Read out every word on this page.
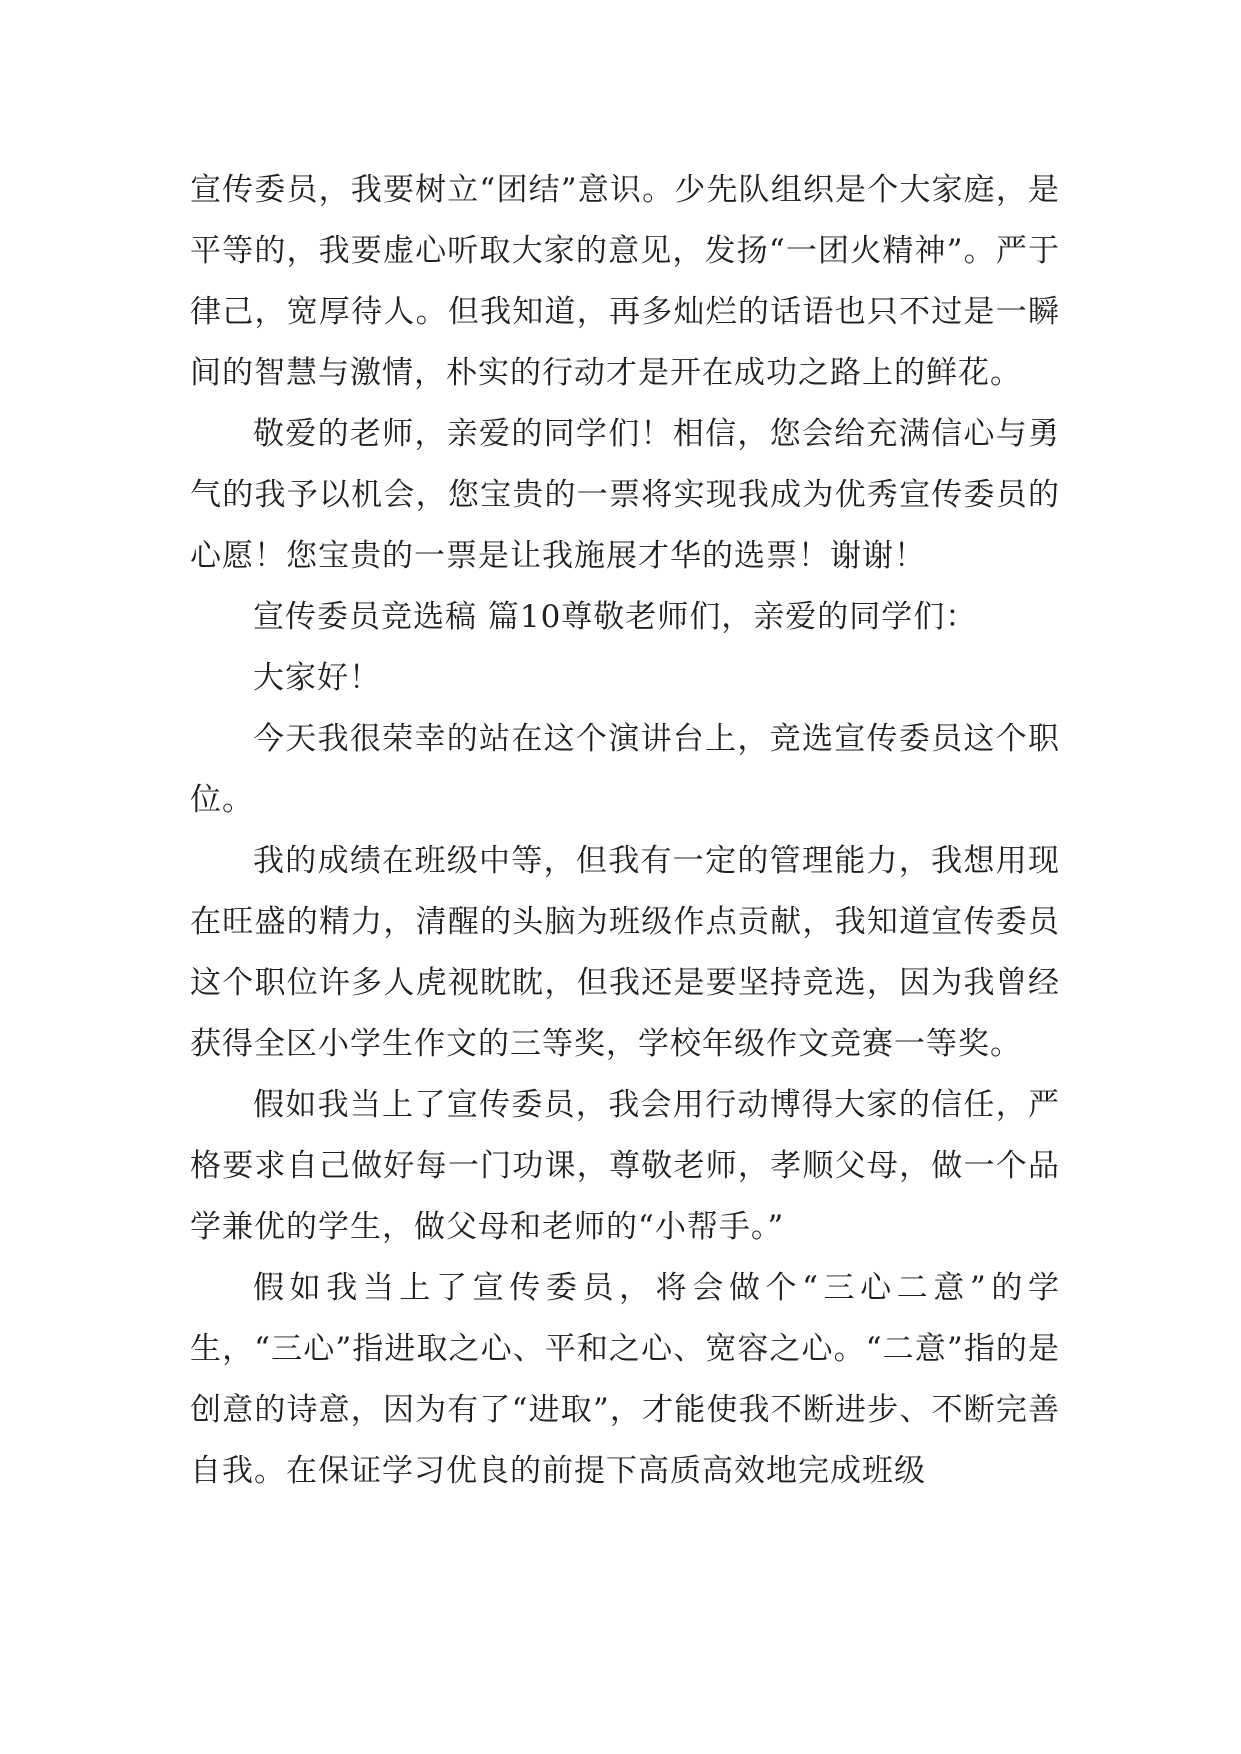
宣传委员，我要树立“团结”意识。少先队组织是个大家庭，是平等的，我要虚心听取大家的意见，发扬“一团火精神”。严于律己，宽厚待人。但我知道，再多灿烂的话语也只不过是一瞬间的智慧与激情，朴实的行动才是开在成功之路上的鲜花。

敬爱的老师，亲爱的同学们！相信，您会给充满信心与勇气的我予以机会，您宝贵的一票将实现我成为优秀宣传委员的心愿！您宝贵的一票是让我施展才华的选票！谢谢！

宣传委员竞选稿 篇10尊敬老师们，亲爱的同学们：

大家好！

今天我很荣幸的站在这个演讲台上，竞选宣传委员这个职位。

我的成绩在班级中等，但我有一定的管理能力，我想用现在旺盛的精力，清醒的头脑为班级作点贡献，我知道宣传委员这个职位许多人虎视眈眈，但我还是要坚持竞选，因为我曾经获得全区小学生作文的三等奖，学校年级作文竞赛一等奖。

假如我当上了宣传委员，我会用行动博得大家的信任，严格要求自己做好每一门功课，尊敬老师，孝顺父母，做一个品学兼优的学生，做父母和老师的“小帮手。”

假如我当上了宣传委员，将会做个“三心二意”的学生，“三心”指进取之心、平和之心、宽容之心。“二意”指的是创意的诗意，因为有了“进取”，才能使我不断进步、不断完善自我。在保证学习优良的前提下高质高效地完成班级
